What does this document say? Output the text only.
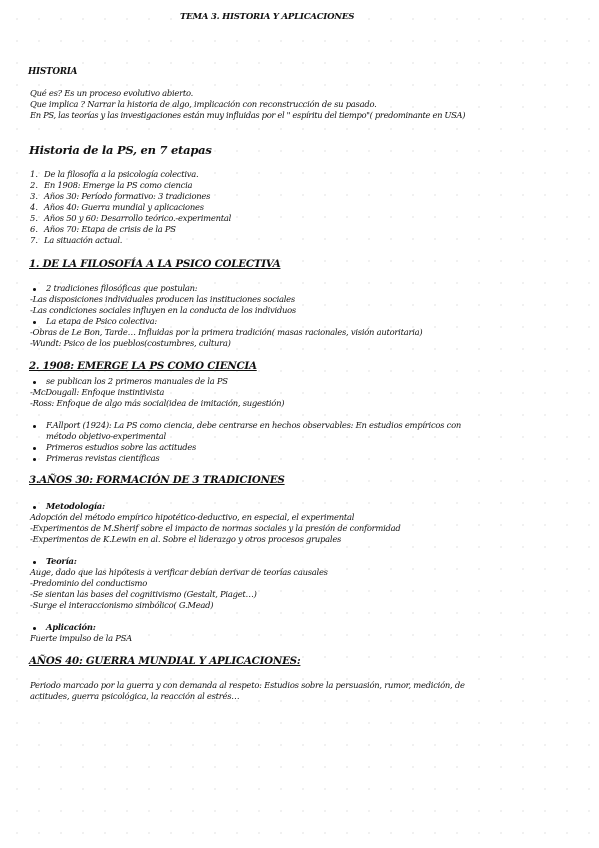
TEMA 3. HISTORIA Y APLICACIONES
HISTORIA
Qué es? Es un proceso evolutivo abierto.
Que implica ? Narrar la historia de algo, implicación con reconstrucción de su pasado.
En PS, las teorías y las investigaciones están muy influidas por el " espíritu del tiempo"( predominante en USA)
Historia de la PS, en 7 etapas
1. De la filosofía a la psicología colectiva.
2. En 1908: Emerge la PS como ciencia
3. Años 30: Período formativo: 3 tradiciones
4. Años 40: Guerra mundial y aplicaciones
5. Años 50 y 60: Desarrollo teórico.-experimental
6. Años 70: Etapa de crisis de la PS
7. La situación actual.
1. DE LA FILOSOFÍA A LA PSICO COLECTIVA
2 tradiciones filosóficas que postulan:
-Las disposiciones individuales producen las instituciones sociales
-Las condiciones sociales influyen en la conducta de los individuos
La etapa de Psico colectiva:
-Obras de Le Bon, Tarde… Influidas por la primera tradición( masas racionales, visión autoritaria)
-Wundt: Psico de los pueblos(costumbres, cultura)
2. 1908: EMERGE LA PS COMO CIENCIA
se publican los 2 primeros manuales de la PS
-McDougall: Enfoque instintivista
-Ross: Enfoque de algo más social(idea de imitación, sugestión)
F.Allport (1924): La PS como ciencia, debe centrarse en hechos observables: En estudios empíricos con
método objetivo-experimental
Primeros estudios sobre las actitudes
Primeras revistas científicas
3.AÑOS 30: FORMACIÓN DE 3 TRADICIONES
Metodología:
Adopción del método empírico hipotético-deductivo, en especial, el experimental
-Experimentos de M.Sherif sobre el impacto de normas sociales y la presión de conformidad
-Experimentos de K.Lewin en al. Sobre el liderazgo y otros procesos grupales
Teoría:
Auge, dado que las hipótesis a verificar debían derivar de teorías causales
-Predominio del conductismo
-Se sientan las bases del cognitivismo (Gestalt, Piaget…)
-Surge el interaccionismo simbólico( G.Mead)
Aplicación:
Fuerte impulso de la PSA
AÑOS 40: GUERRA MUNDIAL Y APLICACIONES:
Periodo marcado por la guerra y con demanda al respeto: Estudios sobre la persuasión, rumor, medición, de
actitudes, guerra psicológica, la reacción al estrés…
